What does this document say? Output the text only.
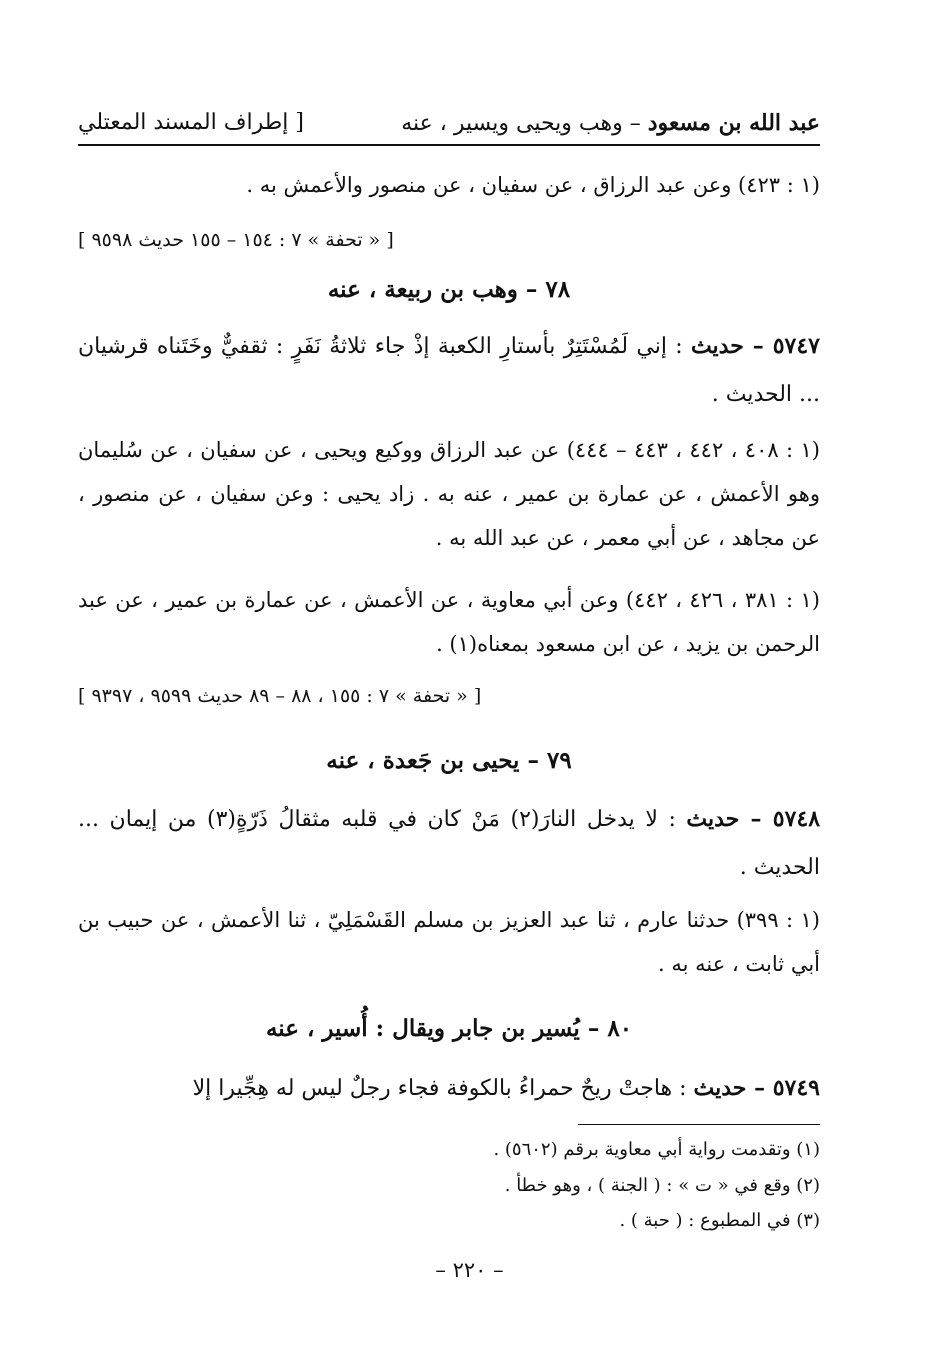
عبد الله بن مسعود – وهب ويحيى ويسير ، عنه
[ إطراف المسند المعتلي
(١ : ٤٢٣) وعن عبد الرزاق ، عن سفيان ، عن منصور والأعمش به .
[ « تحفة » ٧ : ١٥٤ – ١٥٥ حديث ٩٥٩٨ ]
٧٨ – وهب بن ربيعة ، عنه
٥٧٤٧ – حديث : إني لَمُسْتَتِرٌ بأستارِ الكعبة إذْ جاء ثلاثةُ نَفَرٍ : ثقفيٌّ وخَتَناه قرشيان ... الحديث .
(١ : ٤٠٨ ، ٤٤٢ ، ٤٤٣ – ٤٤٤) عن عبد الرزاق ووكيع ويحيى ، عن سفيان ، عن سُليمان وهو الأعمش ، عن عمارة بن عمير ، عنه به . زاد يحيى : وعن سفيان ، عن منصور ، عن مجاهد ، عن أبي معمر ، عن عبد الله به .
(١ : ٣٨١ ، ٤٢٦ ، ٤٤٢) وعن أبي معاوية ، عن الأعمش ، عن عمارة بن عمير ، عن عبد الرحمن بن يزيد ، عن ابن مسعود بمعناه(١) .
[ « تحفة » ٧ : ١٥٥ ، ٨٨ – ٨٩ حديث ٩٥٩٩ ، ٩٣٩٧ ]
٧٩ – يحيى بن جَعدة ، عنه
٥٧٤٨ – حديث : لا يدخل النارَ(٢) مَنْ كان في قلبه مثقالُ ذَرّةٍ(٣) من إيمان ... الحديث .
(١ : ٣٩٩) حدثنا عارم ، ثنا عبد العزيز بن مسلم القَسْمَلِيّ ، ثنا الأعمش ، عن حبيب بن أبي ثابت ، عنه به .
٨٠ – يُسير بن جابر ويقال : أُسير ، عنه
٥٧٤٩ – حديث : هاجتْ ريحٌ حمراءُ بالكوفة فجاء رجلٌ ليس له هِجِّيرا إلا
(١) وتقدمت رواية أبي معاوية برقم (٥٦٠٢) .
(٢) وقع في « ت » : ( الجنة ) ، وهو خطأ .
(٣) في المطبوع : ( حبة ) .
– ٢٢٠ –
